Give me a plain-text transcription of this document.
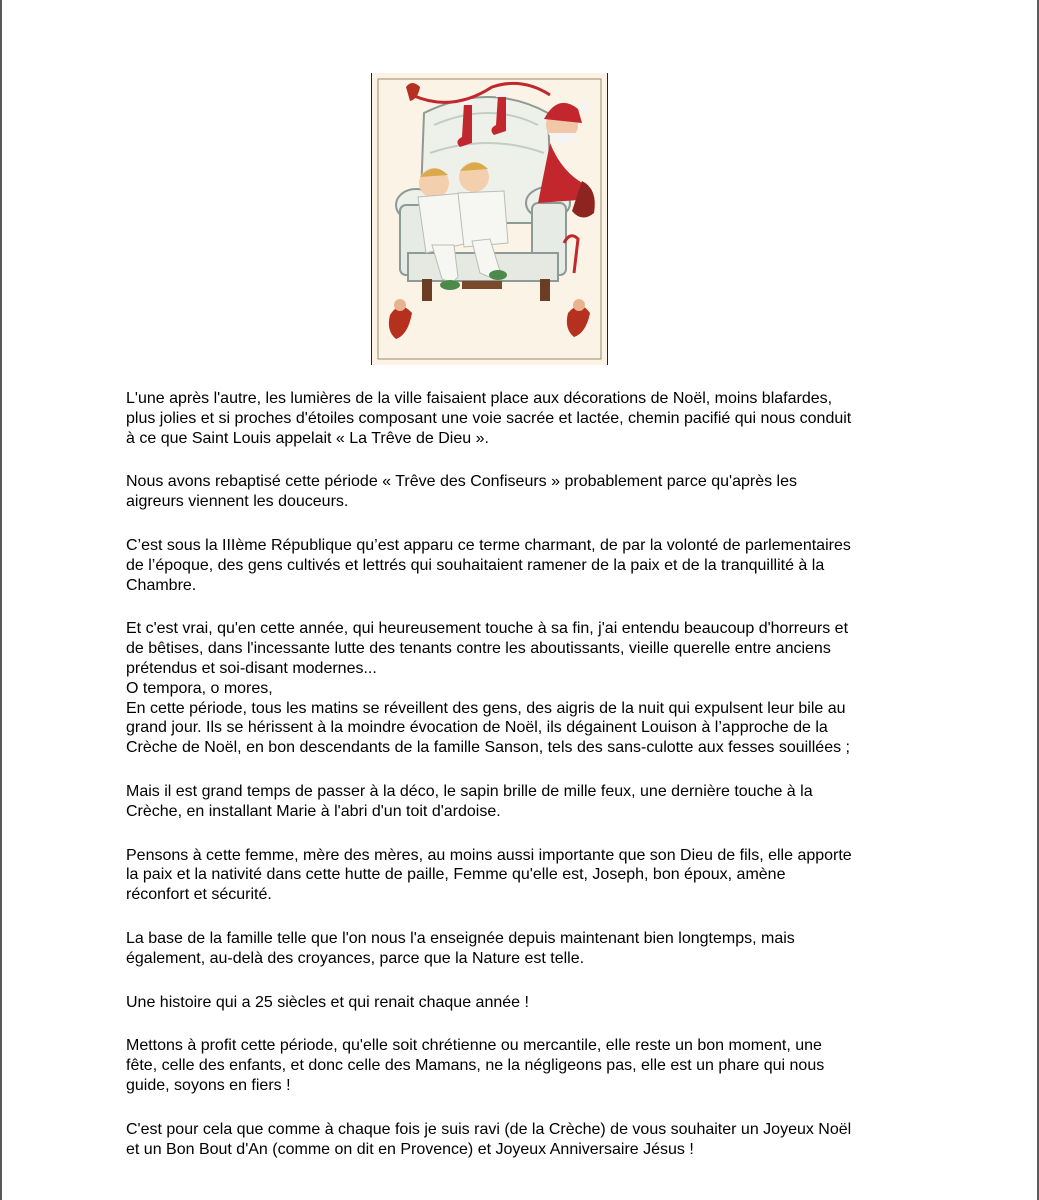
L'une après l'autre, les lumières de la ville faisaient place aux décorations de Noël, moins blafardes,
plus jolies et si proches d'étoiles composant une voie sacrée et lactée, chemin pacifié qui nous conduit
à ce que Saint Louis appelait « La Trêve de Dieu ».

Nous avons rebaptisé cette période « Trêve des Confiseurs » probablement parce qu'après les
aigreurs viennent les douceurs.

C’est sous la IIIème République qu’est apparu ce terme charmant, de par la volonté de parlementaires
de l’époque, des gens cultivés et lettrés qui souhaitaient ramener de la paix et de la tranquillité à la
Chambre.

Et c'est vrai, qu'en cette année, qui heureusement touche à sa fin, j'ai entendu beaucoup d'horreurs et
de bêtises, dans l'incessante lutte des tenants contre les aboutissants, vieille querelle entre anciens
prétendus et soi-disant modernes...
O tempora, o mores,
En cette période, tous les matins se réveillent des gens, des aigris de la nuit qui expulsent leur bile au
grand jour. Ils se hérissent à la moindre évocation de Noël, ils dégainent Louison à l’approche de la
Crèche de Noël, en bon descendants de la famille Sanson, tels des sans-culotte aux fesses souillées ;

Mais il est grand temps de passer à la déco, le sapin brille de mille feux, une dernière touche à la
Crèche, en installant Marie à l'abri d'un toit d'ardoise.

Pensons à cette femme, mère des mères, au moins aussi importante que son Dieu de fils, elle apporte
la paix et la nativité dans cette hutte de paille, Femme qu'elle est, Joseph, bon époux, amène
réconfort et sécurité.

La base de la famille telle que l'on nous l'a enseignée depuis maintenant bien longtemps, mais
également, au-delà des croyances, parce que la Nature est telle.

Une histoire qui a 25 siècles et qui renait chaque année !

Mettons à profit cette période, qu'elle soit chrétienne ou mercantile, elle reste un bon moment, une
fête, celle des enfants, et donc celle des Mamans, ne la négligeons pas, elle est un phare qui nous
guide, soyons en fiers !

C'est pour cela que comme à chaque fois je suis ravi (de la Crèche) de vous souhaiter un Joyeux Noël
et un Bon Bout d'An (comme on dit en Provence) et Joyeux Anniversaire Jésus !
